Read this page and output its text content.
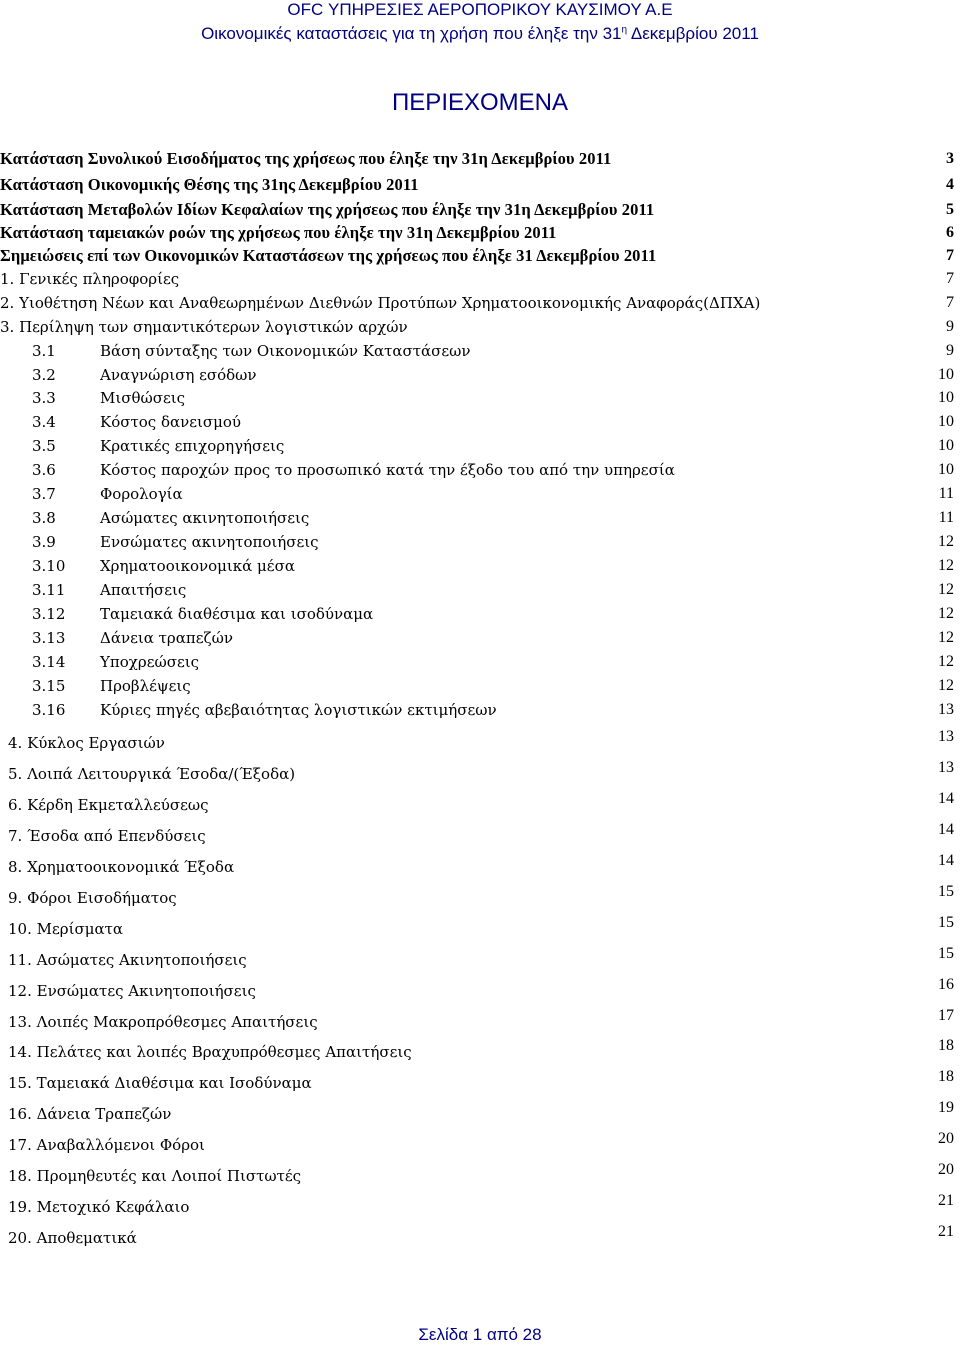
OFC ΥΠΗΡΕΣΙΕΣ ΑΕΡΟΠΟΡΙΚΟΥ ΚΑΥΣΙΜΟΥ Α.Ε
Οικονομικές καταστάσεις για τη χρήση που έληξε την $31^\eta$ Δεκεμβρίου 2011
ΠΕΡΙΕΧΟΜΕΝΑ
Κατάσταση Συνολικού Εισοδήματος της χρήσεως που έληξε την 31η Δεκεμβρίου 2011	3
Κατάσταση Οικονομικής Θέσης της 31ης Δεκεμβρίου 2011	4
Κατάσταση Μεταβολών Ιδίων Κεφαλαίων της χρήσεως που έληξε την 31η Δεκεμβρίου 2011	5
Κατάσταση ταμειακών ροών της χρήσεως που έληξε την 31η Δεκεμβρίου 2011	6
Σημειώσεις επί των Οικονομικών Καταστάσεων της χρήσεως που έληξε 31 Δεκεμβρίου 2011	7
1. Γενικές πληροφορίες	7
2. Υιοθέτηση Νέων και Αναθεωρημένων Διεθνών Προτύπων Χρηματοοικονομικής Αναφοράς(ΔΠΧΑ)	7
3. Περίληψη των σημαντικότερων λογιστικών αρχών	9
3.1	Βάση σύνταξης των Οικονομικών Καταστάσεων	9
3.2	Αναγνώριση εσόδων	10
3.3	Μισθώσεις	10
3.4	Κόστος δανεισμού	10
3.5	Κρατικές επιχορηγήσεις	10
3.6	Κόστος παροχών προς το προσωπικό κατά την έξοδο του από την υπηρεσία	10
3.7	Φορολογία	11
3.8	Ασώματες ακινητοποιήσεις	11
3.9	Ενσώματες ακινητοποιήσεις	12
3.10 Χρηματοοικονομικά μέσα	12
3.11 Απαιτήσεις	12
3.12 Ταμειακά διαθέσιμα και ισοδύναμα	12
3.13 Δάνεια τραπεζών	12
3.14 Υποχρεώσεις	12
3.15 Προβλέψεις	12
3.16 Κύριες πηγές αβεβαιότητας λογιστικών εκτιμήσεων	13
4. Κύκλος Εργασιών	13
5. Λοιπά Λειτουργικά Έσοδα/(Έξοδα)	13
6. Κέρδη Εκμεταλλεύσεως	14
7. Έσοδα από Επενδύσεις	14
8. Χρηματοοικονομικά Έξοδα	14
9. Φόροι Εισοδήματος	15
10. Μερίσματα	15
11. Ασώματες Ακινητοποιήσεις	15
12. Ενσώματες Ακινητοποιήσεις	16
13. Λοιπές Μακροπρόθεσμες Απαιτήσεις	17
14. Πελάτες και λοιπές Βραχυπρόθεσμες Απαιτήσεις	18
15. Ταμειακά Διαθέσιμα και Ισοδύναμα	18
16. Δάνεια Τραπεζών	19
17. Αναβαλλόμενοι Φόροι	20
18. Προμηθευτές και Λοιποί Πιστωτές	20
19. Μετοχικό Κεφάλαιο	21
20. Αποθεματικά	21
Σελίδα 1 από 28
